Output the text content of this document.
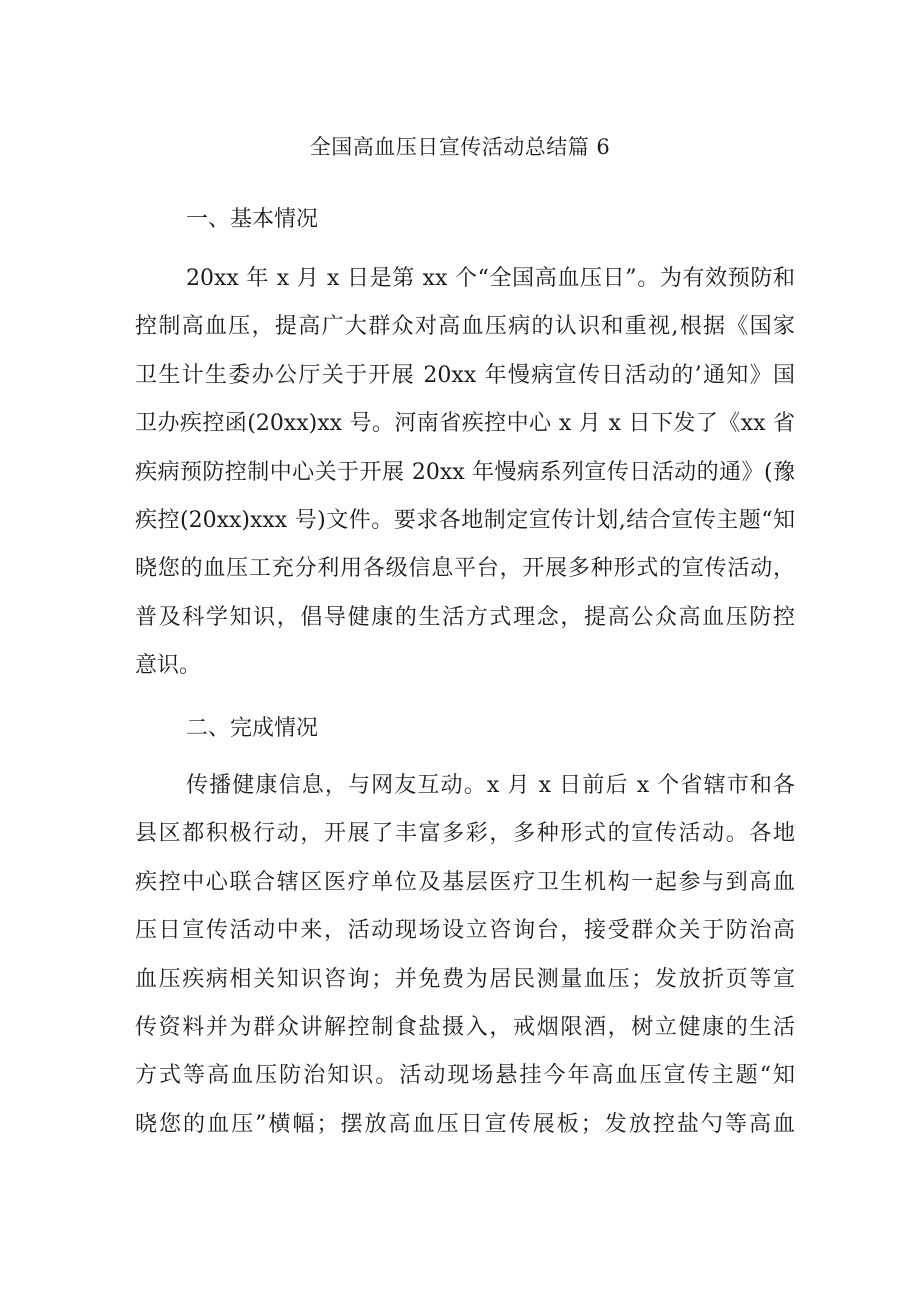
全国高血压日宣传活动总结篇 6
一、基本情况
20xx 年 x 月 x 日是第 xx 个“全国高血压日”。为有效预防和
控制高血压，提高广大群众对高血压病的认识和重视,根据《国家
卫生计生委办公厅关于开展 20xx 年慢病宣传日活动的’通知》国
卫办疾控函(20xx)xx 号。河南省疾控中心 x 月 x 日下发了《xx 省
疾病预防控制中心关于开展 20xx 年慢病系列宣传日活动的通》(豫
疾控(20xx)xxx 号)文件。要求各地制定宣传计划,结合宣传主题“知
晓您的血压工充分利用各级信息平台，开展多种形式的宣传活动，
普及科学知识，倡导健康的生活方式理念，提高公众高血压防控
意识。
二、完成情况
传播健康信息，与网友互动。x 月 x 日前后 x 个省辖市和各
县区都积极行动，开展了丰富多彩，多种形式的宣传活动。各地
疾控中心联合辖区医疗单位及基层医疗卫生机构一起参与到高血
压日宣传活动中来，活动现场设立咨询台，接受群众关于防治高
血压疾病相关知识咨询；并免费为居民测量血压；发放折页等宣
传资料并为群众讲解控制食盐摄入，戒烟限酒，树立健康的生活
方式等高血压防治知识。活动现场悬挂今年高血压宣传主题“知
晓您的血压”横幅；摆放高血压日宣传展板；发放控盐勺等高血
